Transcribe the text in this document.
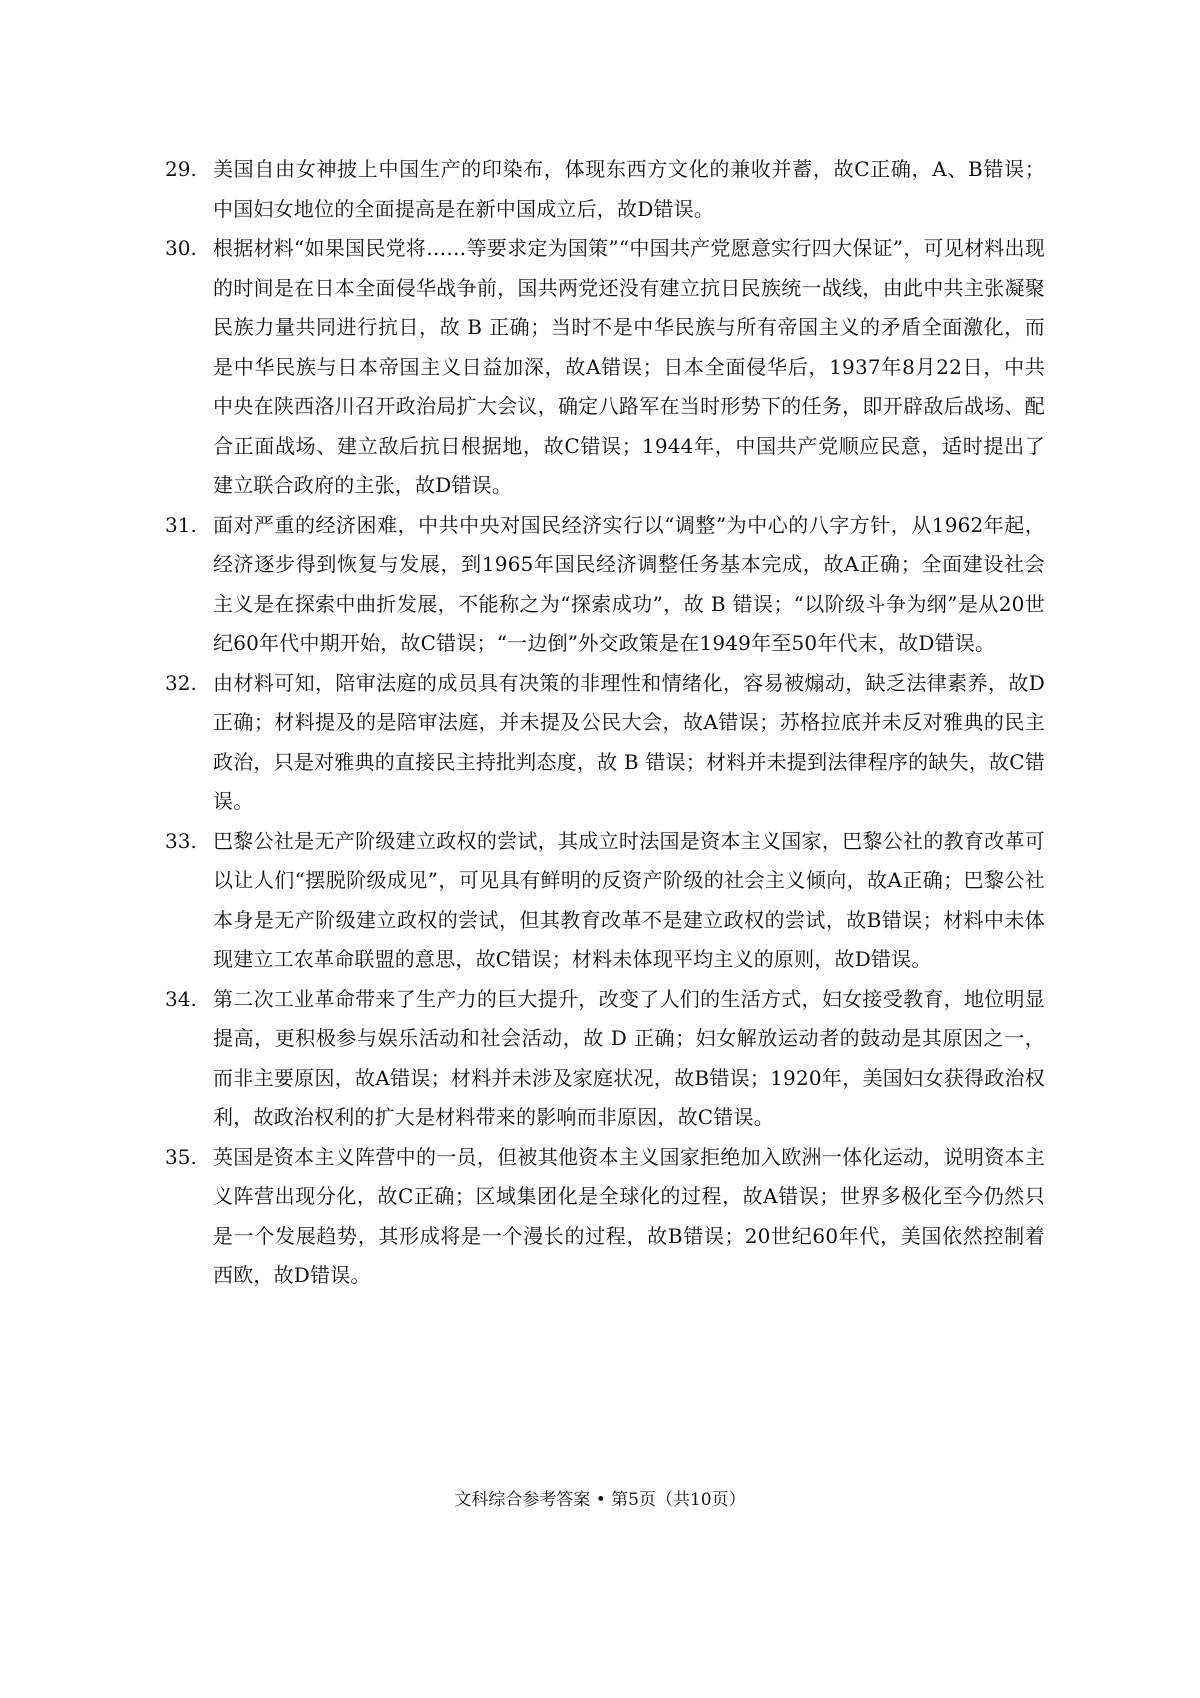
29. 美国自由女神披上中国生产的印染布，体现东西方文化的兼收并蓄，故C正确，A、B错误；中国妇女地位的全面提高是在新中国成立后，故D错误。
30. 根据材料“如果国民党将……等要求定为国策”“中国共产党愿意实行四大保证”，可见材料出现的时间是在日本全面侵华战争前，国共两党还没有建立抗日民族统一战线，由此中共主张凝聚民族力量共同进行抗日，故 B 正确；当时不是中华民族与所有帝国主义的矛盾全面激化，而是中华民族与日本帝国主义日益加深，故A错误；日本全面侵华后，1937年8月22日，中共中央在陕西洛川召开政治局扩大会议，确定八路军在当时形势下的任务，即开辟敌后战场、配合正面战场、建立敌后抗日根据地，故C错误；1944年，中国共产党顺应民意，适时提出了建立联合政府的主张，故D错误。
31. 面对严重的经济困难，中共中央对国民经济实行以“调整”为中心的八字方针，从1962年起，经济逐步得到恢复与发展，到1965年国民经济调整任务基本完成，故A正确；全面建设社会主义是在探索中曲折发展，不能称之为“探索成功”，故 B 错误；“以阶级斗争为纲”是从20世纪60年代中期开始，故C错误；“一边倒”外交政策是在1949年至50年代末，故D错误。
32. 由材料可知，陪审法庭的成员具有决策的非理性和情绪化，容易被煽动，缺乏法律素养，故D正确；材料提及的是陪审法庭，并未提及公民大会，故A错误；苏格拉底并未反对雅典的民主政治，只是对雅典的直接民主持批判态度，故 B 错误；材料并未提到法律程序的缺失，故C错误。
33. 巴黎公社是无产阶级建立政权的尝试，其成立时法国是资本主义国家，巴黎公社的教育改革可以让人们“摆脱阶级成见”，可见具有鲜明的反资产阶级的社会主义倾向，故A正确；巴黎公社本身是无产阶级建立政权的尝试，但其教育改革不是建立政权的尝试，故B错误；材料中未体现建立工农革命联盟的意思，故C错误；材料未体现平均主义的原则，故D错误。
34. 第二次工业革命带来了生产力的巨大提升，改变了人们的生活方式，妇女接受教育，地位明显提高，更积极参与娱乐活动和社会活动，故 D 正确；妇女解放运动者的鼓动是其原因之一，而非主要原因，故A错误；材料并未涉及家庭状况，故B错误；1920年，美国妇女获得政治权利，故政治权利的扩大是材料带来的影响而非原因，故C错误。
35. 英国是资本主义阵营中的一员，但被其他资本主义国家拒绝加入欧洲一体化运动，说明资本主义阵营出现分化，故C正确；区域集团化是全球化的过程，故A错误；世界多极化至今仍然只是一个发展趋势，其形成将是一个漫长的过程，故B错误；20世纪60年代，美国依然控制着西欧，故D错误。
文科综合参考答案 • 第5页（共10页）
